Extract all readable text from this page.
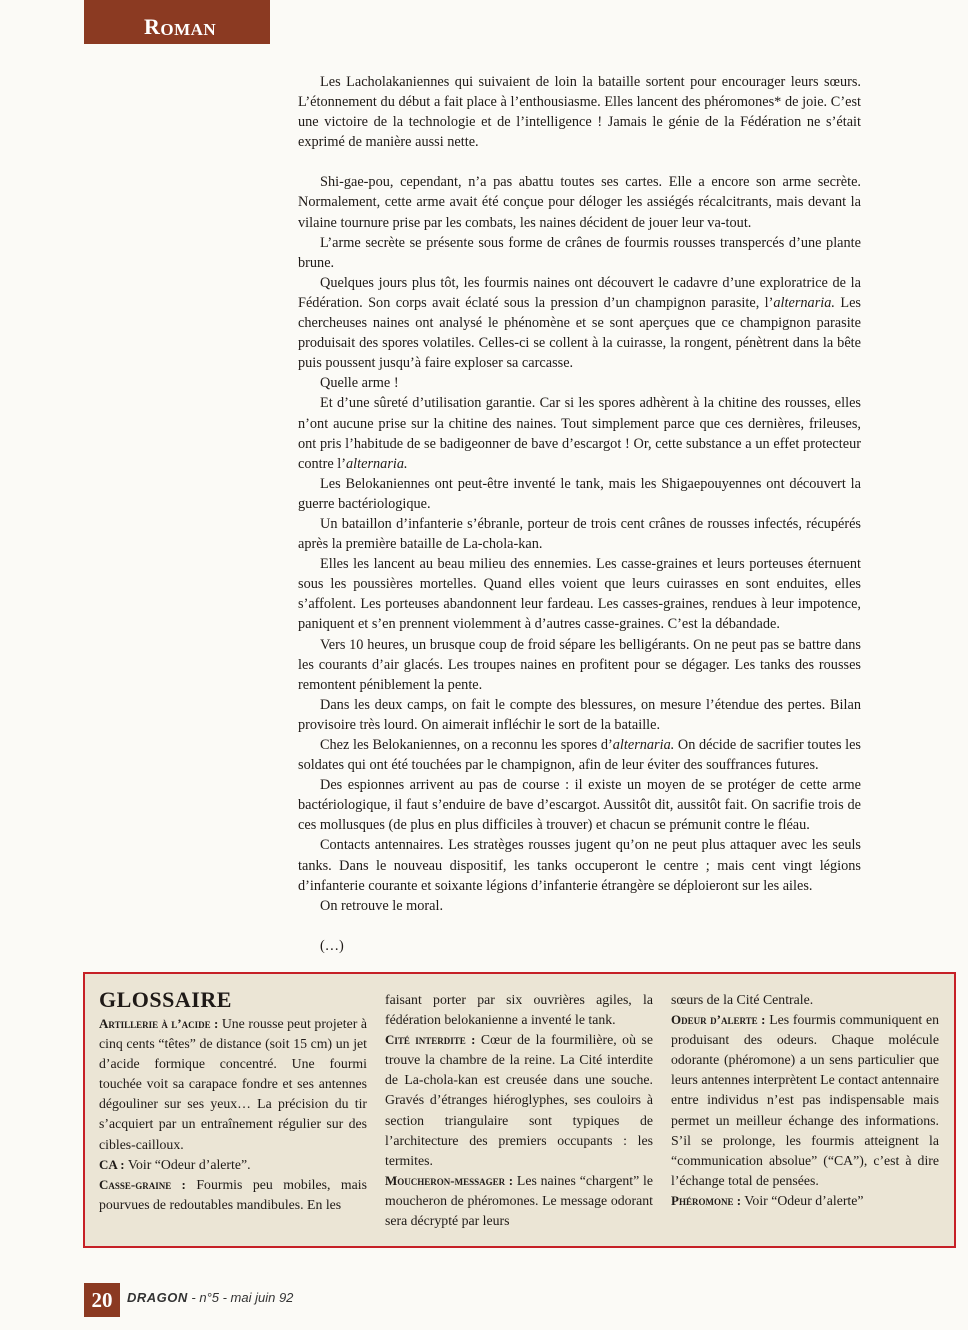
R OMAN

Les Lacholakaniennes qui suivaient de loin la bataille sortent pour encourager leurs sœurs. L’étonnement du début a fait place à l’enthousiasme. Elles lancent des phéromones* de joie. C’est une victoire de la technologie et de l’intelligence ! Jamais le génie de la Fédération ne s’était exprimé de manière aussi nette.

Shi-gae-pou, cependant, n’a pas abattu toutes ses cartes. Elle a encore son arme secrète. Normalement, cette arme avait été conçue pour déloger les assiégés récalcitrants, mais devant la vilaine tournure prise par les combats, les naines décident de jouer leur va-tout.

L’arme secrète se présente sous forme de crânes de fourmis rousses transpercés d’une plante brune.

Quelques jours plus tôt, les fourmis naines ont découvert le cadavre d’une exploratrice de la Fédération. Son corps avait éclaté sous la pression d’un champignon parasite, l’alternaria. Les chercheuses naines ont analysé le phénomène et se sont aperçues que ce champignon parasite produisait des spores volatiles. Celles-ci se collent à la cuirasse, la rongent, pénètrent dans la bête puis poussent jusqu’à faire exploser sa carcasse.

Quelle arme !

Et d’une sûreté d’utilisation garantie. Car si les spores adhèrent à la chitine des rousses, elles n’ont aucune prise sur la chitine des naines. Tout simplement parce que ces dernières, frileuses, ont pris l’habitude de se badigeonner de bave d’escargot ! Or, cette substance a un effet protecteur contre l’alternaria.

Les Belokaniennes ont peut-être inventé le tank, mais les Shigaepouyennes ont découvert la guerre bactériologique.

Un bataillon d’infanterie s’ébranle, porteur de trois cent crânes de rousses infectés, récupérés après la première bataille de La-chola-kan.

Elles les lancent au beau milieu des ennemies. Les casse-graines et leurs porteuses éternuent sous les poussières mortelles. Quand elles voient que leurs cuirasses en sont enduites, elles s’affolent. Les porteuses abandonnent leur fardeau. Les casses-graines, rendues à leur impotence, paniquent et s’en prennent violemment à d’autres casse-graines. C’est la débandade.

Vers 10 heures, un brusque coup de froid sépare les belligérants. On ne peut pas se battre dans les courants d’air glacés. Les troupes naines en profitent pour se dégager. Les tanks des rousses remontent péniblement la pente.

Dans les deux camps, on fait le compte des blessures, on mesure l’étendue des pertes. Bilan provisoire très lourd. On aimerait infléchir le sort de la bataille.

Chez les Belokaniennes, on a reconnu les spores d’alternaria. On décide de sacrifier toutes les soldates qui ont été touchées par le champignon, afin de leur éviter des souffrances futures.

Des espionnes arrivent au pas de course : il existe un moyen de se protéger de cette arme bactériologique, il faut s’enduire de bave d’escargot. Aussitôt dit, aussitôt fait. On sacrifie trois de ces mollusques (de plus en plus difficiles à trouver) et chacun se prémunit contre le fléau.

Contacts antennaires. Les stratèges rousses jugent qu’on ne peut plus attaquer avec les seuls tanks. Dans le nouveau dispositif, les tanks occuperont le centre ; mais cent vingt légions d’infanterie courante et soixante légions d’infanterie étrangère se déploieront sur les ailes.

On retrouve le moral.

(…)

GLOSSAIRE

Artillerie à l’acide : Une rousse peut projeter à cinq cents “têtes” de distance (soit 15 cm) un jet d’acide formique concentré. Une fourmi touchée voit sa carapace fondre et ses antennes dégouliner sur ses yeux… La précision du tir s’acquiert par un entraînement régulier sur des cibles-cailloux.

CA : Voir “Odeur d’alerte”.

Casse-graine : Fourmis peu mobiles, mais pourvues de redoutables mandibules. En les

faisant porter par six ouvrières agiles, la fédération belokanienne a inventé le tank.

Cité interdite : Cœur de la fourmilière, où se trouve la chambre de la reine. La Cité interdite de La-chola-kan est creusée dans une souche. Gravés d’étranges hiéroglyphes, ses couloirs à section triangulaire sont typiques de l’architecture des premiers occupants : les termites.

Moucheron-messager : Les naines “chargent” le moucheron de phéromones. Le message odorant sera décrypté par leurs

sœurs de la Cité Centrale.

Odeur d’alerte : Les fourmis communiquent en produisant des odeurs. Chaque molécule odorante (phéromone) a un sens particulier que leurs antennes interprètent Le contact antennaire entre individus n’est pas indispensable mais permet un meilleur échange des informations. S’il se prolonge, les fourmis atteignent la “communication absolue” (“CA”), c’est à dire l’échange total de pensées.

Phéromone : Voir “Odeur d’alerte”

20	DRAGON - n°5 - mai juin 92
